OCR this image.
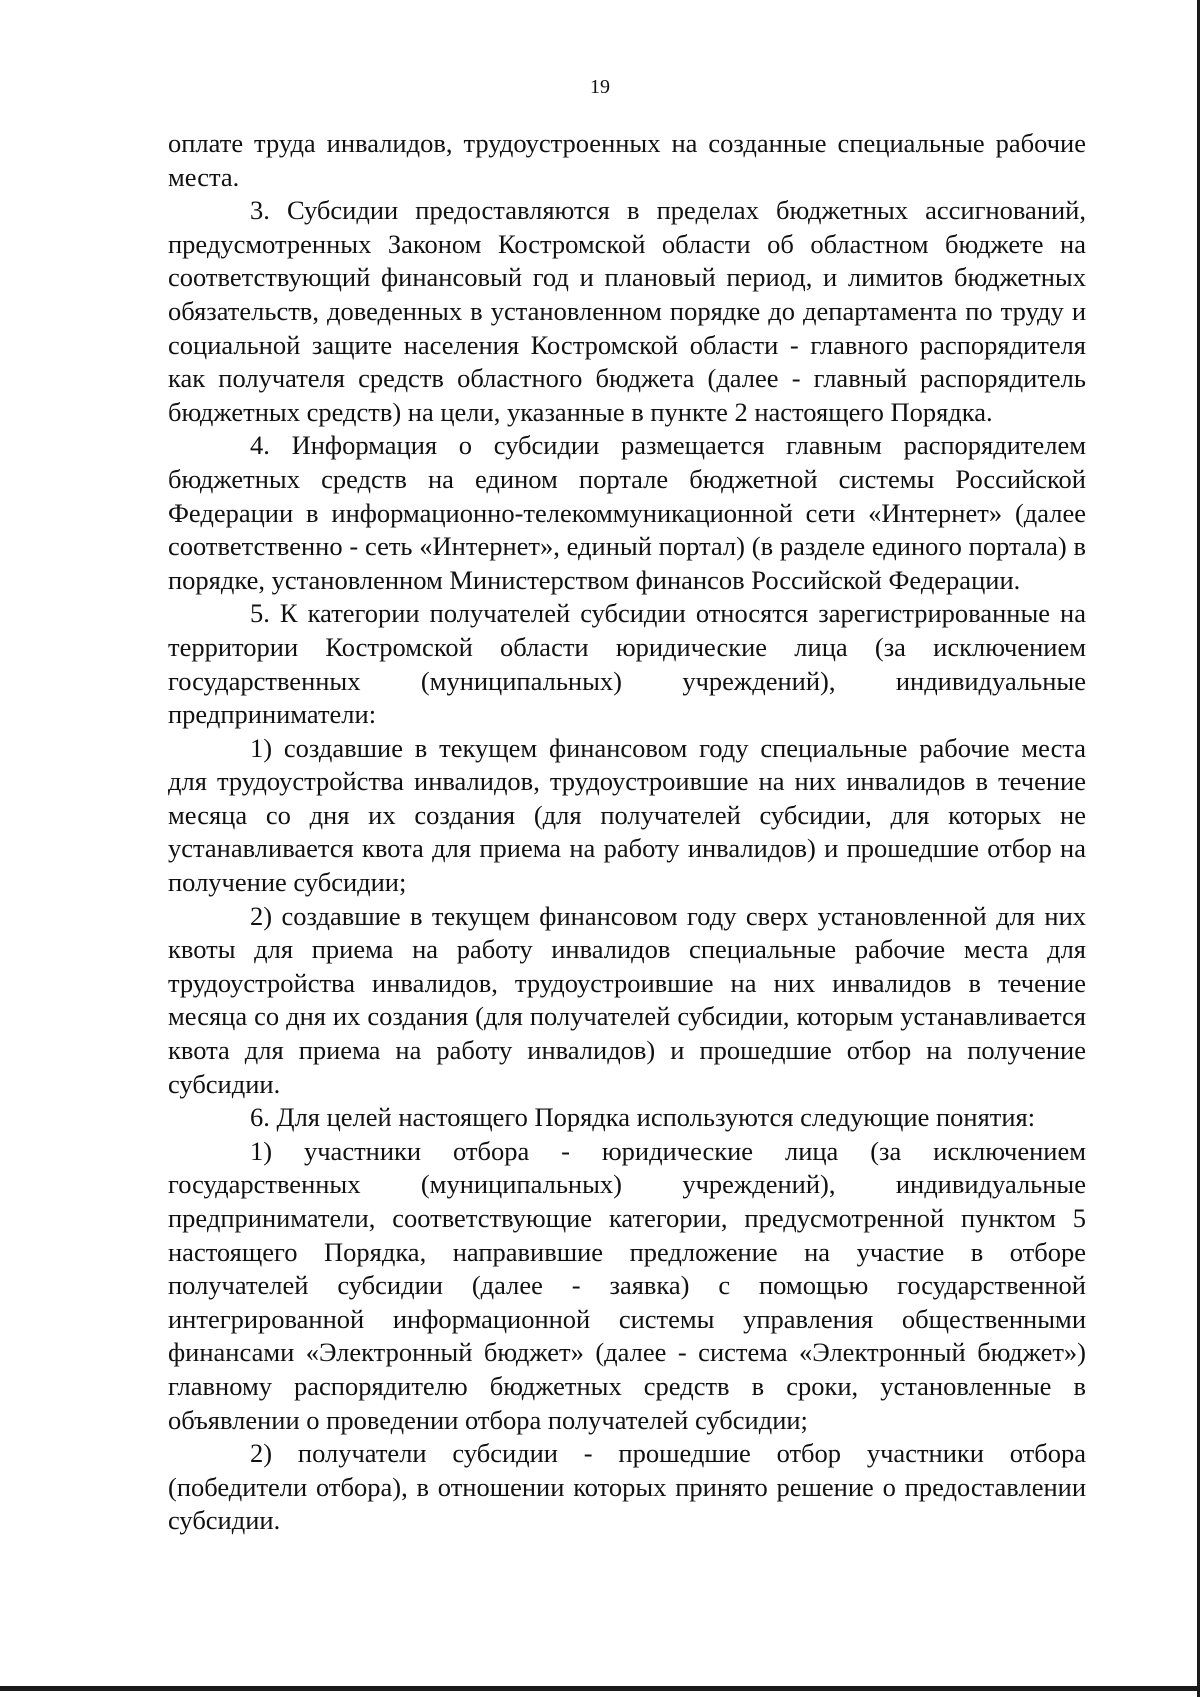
19

оплате труда инвалидов, трудоустроенных на созданные специальные рабочие места.

3. Субсидии предоставляются в пределах бюджетных ассигнований, предусмотренных Законом Костромской области об областном бюджете на соответствующий финансовый год и плановый период, и лимитов бюджетных обязательств, доведенных в установленном порядке до департамента по труду и социальной защите населения Костромской области - главного распорядителя как получателя средств областного бюджета (далее - главный распорядитель бюджетных средств) на цели, указанные в пункте 2 настоящего Порядка.

4. Информация о субсидии размещается главным распорядителем бюджетных средств на едином портале бюджетной системы Российской Федерации в информационно-телекоммуникационной сети «Интернет» (далее соответственно - сеть «Интернет», единый портал) (в разделе единого портала) в порядке, установленном Министерством финансов Российской Федерации.

5. К категории получателей субсидии относятся зарегистрированные на территории Костромской области юридические лица (за исключением государственных (муниципальных) учреждений), индивидуальные предприниматели:

1) создавшие в текущем финансовом году специальные рабочие места для трудоустройства инвалидов, трудоустроившие на них инвалидов в течение месяца со дня их создания (для получателей субсидии, для которых не устанавливается квота для приема на работу инвалидов) и прошедшие отбор на получение субсидии;

2) создавшие в текущем финансовом году сверх установленной для них квоты для приема на работу инвалидов специальные рабочие места для трудоустройства инвалидов, трудоустроившие на них инвалидов в течение месяца со дня их создания (для получателей субсидии, которым устанавливается квота для приема на работу инвалидов) и прошедшие отбор на получение субсидии.

6. Для целей настоящего Порядка используются следующие понятия:

1) участники отбора - юридические лица (за исключением государственных (муниципальных) учреждений), индивидуальные предприниматели, соответствующие категории, предусмотренной пунктом 5 настоящего Порядка, направившие предложение на участие в отборе получателей субсидии (далее - заявка) с помощью государственной интегрированной информационной системы управления общественными финансами «Электронный бюджет» (далее - система «Электронный бюджет») главному распорядителю бюджетных средств в сроки, установленные в объявлении о проведении отбора получателей субсидии;

2) получатели субсидии - прошедшие отбор участники отбора (победители отбора), в отношении которых принято решение о предоставлении субсидии.
